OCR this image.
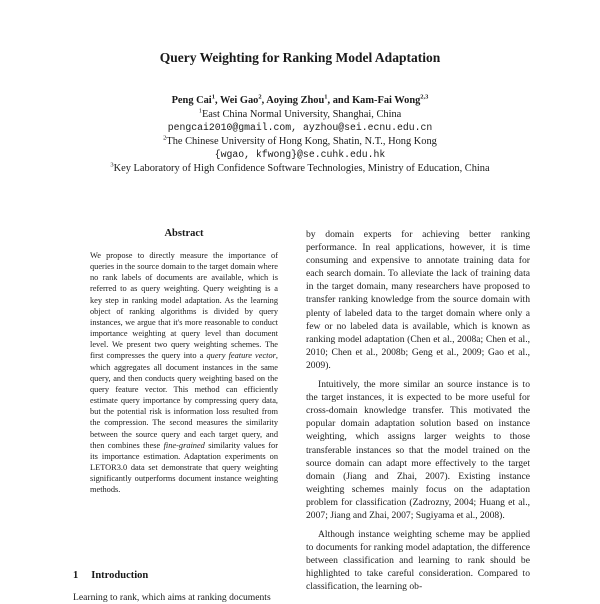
Query Weighting for Ranking Model Adaptation
Peng Cai$^1$, Wei Gao$^2$, Aoying Zhou$^1$, and Kam-Fai Wong$^{2,3}$
$^1$East China Normal University, Shanghai, China
pengcai2010@gmail.com, ayzhou@sei.ecnu.edu.cn
$^2$The Chinese University of Hong Kong, Shatin, N.T., Hong Kong
{wgao, kfwong}@se.cuhk.edu.hk
$^3$Key Laboratory of High Confidence Software Technologies, Ministry of Education, China
Abstract

We propose to directly measure the importance of queries in the source domain to the target domain where no rank labels of documents are available, which is referred to as query weighting. Query weighting is a key step in ranking model adaptation. As the learning object of ranking algorithms is divided by query instances, we argue that it's more reasonable to conduct importance weighting at query level than document level. We present two query weighting schemes. The first compresses the query into a query feature vector, which aggregates all document instances in the same query, and then conducts query weighting based on the query feature vector. This method can efficiently estimate query importance by compressing query data, but the potential risk is information loss resulted from the compression. The second measures the similarity between the source query and each target query, and then combines these fine-grained similarity values for its importance estimation. Adaptation experiments on LETOR3.0 data set demonstrate that query weighting significantly outperforms document instance weighting methods.

1 Introduction
Learning to rank, which aims at ranking documents

by domain experts for achieving better ranking performance. In real applications, however, it is time consuming and expensive to annotate training data for each search domain. To alleviate the lack of training data in the target domain, many researchers have proposed to transfer ranking knowledge from the source domain with plenty of labeled data to the target domain where only a few or no labeled data is available, which is known as ranking model adaptation (Chen et al., 2008a; Chen et al., 2010; Chen et al., 2008b; Geng et al., 2009; Gao et al., 2009).

Intuitively, the more similar an source instance is to the target instances, it is expected to be more useful for cross-domain knowledge transfer. This motivated the popular domain adaptation solution based on instance weighting, which assigns larger weights to those transferable instances so that the model trained on the source domain can adapt more effectively to the target domain (Jiang and Zhai, 2007). Existing instance weighting schemes mainly focus on the adaptation problem for classification (Zadrozny, 2004; Huang et al., 2007; Jiang and Zhai, 2007; Sugiyama et al., 2008).

Although instance weighting scheme may be applied to documents for ranking model adaptation, the difference between classification and learning to rank should be highlighted to take careful consideration. Compared to classification, the learning ob-
